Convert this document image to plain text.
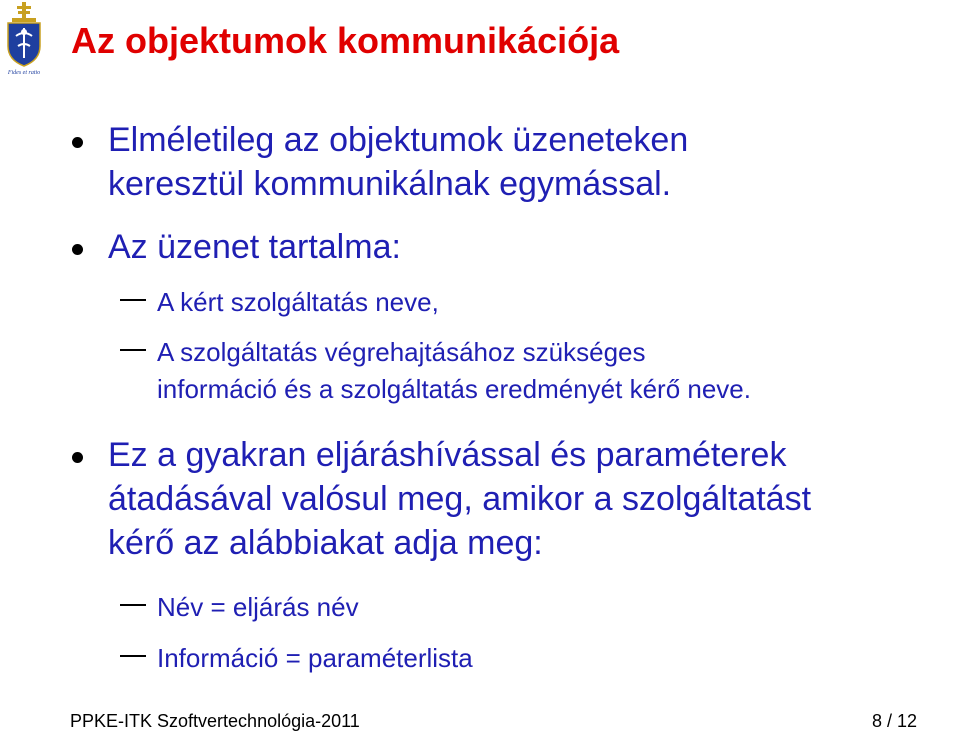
Fides et ratio
Az objektumok kommunikációja
Elméletileg az objektumok üzeneteken
keresztül kommunikálnak egymással.
Az üzenet tartalma:
A kért szolgáltatás neve,
A szolgáltatás végrehajtásához szükséges
információ és a szolgáltatás eredményét kérő neve.
Ez a gyakran eljáráshívással és paraméterek
átadásával valósul meg, amikor a szolgáltatást
kérő az alábbiakat adja meg:
Név = eljárás név
Információ = paraméterlista
PPKE-ITK Szoftvertechnológia-2011	8 / 12
